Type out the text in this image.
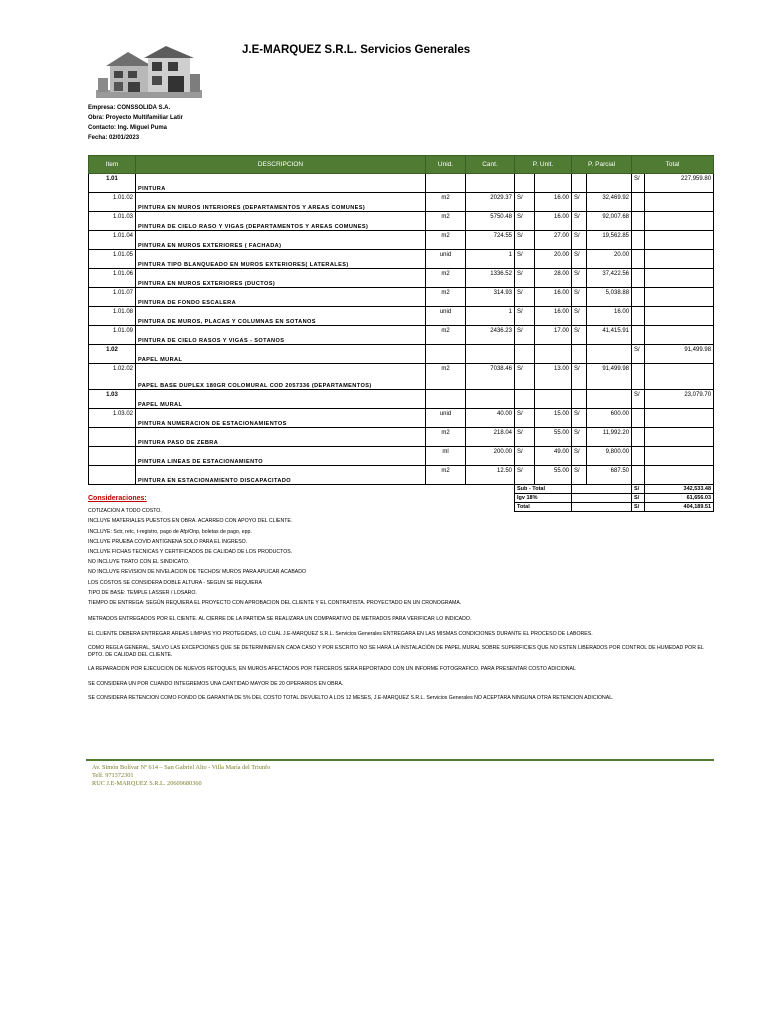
J.E-MARQUEZ S.R.L. Servicios Generales
Empresa: CONSSOLIDA S.A.
Obra: Proyecto Multifamiliar Latir
Contacto: Ing. Miguel Puma
Fecha: 02/01/2023
Item	DESCRIPCION	Unid.	Cant.	P. Unit.		P. Parcial		Total	
1.01	PINTURA							S/	227,959.80
1.01.02	PINTURA EN MUROS INTERIORES (DEPARTAMENTOS Y AREAS COMUNES)	m2	2029.37	S/	16.00	S/	32,469.92		
1.01.03	PINTURA DE CIELO RASO Y VIGAS (DEPARTAMENTOS Y AREAS COMUNES)	m2	5750.48	S/	16.00	S/	92,007.68		
1.01.04	PINTURA EN MUROS EXTERIORES ( FACHADA)	m2	724.55	S/	27.00	S/	19,562.85		
1.01.05	PINTURA TIPO BLANQUEADO EN MUROS EXTERIORES( LATERALES)	unid	1	S/	20.00	S/	20.00		
1.01.06	PINTURA EN MUROS EXTERIORES (DUCTOS)	m2	1336.52	S/	28.00	S/	37,422.56		
1.01.07	PINTURA DE FONDO ESCALERA	m2	314.93	S/	16.00	S/	5,038.88		
1.01.08	PINTURA DE MUROS, PLACAS Y COLUMNAS EN SOTANOS	unid	1	S/	16.00	S/	16.00		
1.01.09	PINTURA DE CIELO RASOS Y VIGAS - SOTANOS	m2	2436.23	S/	17.00	S/	41,415.91		
1.02	PAPEL MURAL							S/	91,499.98
1.02.02	PAPEL BASE DUPLEX 180GR COLOMURAL COD 2057336 (DEPARTAMENTOS)	m2	7038.46	S/	13.00	S/	91,499.98		
1.03	PAPEL MURAL							S/	23,079.70
1.03.02	PINTURA NUMERACION DE ESTACIONAMIENTOS	unid	40.00	S/	15.00	S/	600.00		
	PINTURA PASO DE ZEBRA	m2	218.04	S/	55.00	S/	11,992.20		
	PINTURA LINEAS DE ESTACIONAMIENTO	ml	200.00	S/	49.00	S/	9,800.00		
	PINTURA EN ESTACIONAMIENTO DISCAPACITADO	m2	12.50	S/	55.00	S/	687.50		
				Sub - Total				S/	342,533.48
				Igv 18%				S/	61,656.03
				Total				S/	404,189.51
Consideraciones:
COTIZACION A TODO COSTO.
INCLUYE MATERIALES PUESTOS EN OBRA. ACARREO CON APOYO DEL CLIENTE.
INCLUYE: Sctr, retc, t-registro, pago de Afp/Onp, boletas de pago, epp.
INCLUYE PRUEBA COVID ANTIGNENA SOLO PARA EL INGRESO.
INCLUYE FICHAS TECNICAS Y CERTIFICADOS DE CALIDAD DE LOS PRODUCTOS.
NO INCLUYE TRATO CON EL SINDICATO.
NO INCLUYE REVISION DE NIVELACION DE TECHOS/ MUROS PARA APLICAR ACABADO
LOS COSTOS SE CONSIDERA DOBLE ALTURA - SEGUN SE REQUIERA
TIPO DE BASE: TEMPLE LASSER / LOSARO.
TIEMPO DE ENTREGA: SEGÚN REQUIERA EL PROYECTO CON APROBACION DEL CLIENTE Y EL CONTRATISTA. PROYECTADO EN UN CRONOGRAMA.
METRADOS ENTREGADOS POR EL CIENTE. AL CIERRE DE LA PARTIDA SE REALIZARA UN COMPARATIVO DE METRADOS PARA VERIFICAR LO INDICADO.
EL CLIENTE DEBERA ENTREGAR AREAS LIMPIAS Y/O PROTEGIDAS, LO CUAL J.E-MARQUEZ S.R.L. Servicios Generales ENTREGARA EN LAS MISMAS CONDICIONES DURANTE EL PROCESO DE LABORES.
COMO REGLA GENERAL, SALVO LAS EXCEPCIONES QUE SE DETERMINEN EN CADA CASO Y POR ESCRITO NO SE HARÁ LA INSTALACIÓN DE PAPEL MURAL SOBRE SUPERFICIES QUE NO ESTEN LIBERADOS POR CONTROL DE HUMEDAD POR EL DPTO. DE CALIDAD DEL CLIENTE.
LA REPARACION POR EJECUCION DE NUEVOS RETOQUES, EN MUROS AFECTADOS POR TERCEROS SERA REPORTADO CON UN INFORME FOTOGRAFICO. PARA PRESENTAR COSTO ADICIONAL
SE CONSIDERA UN POR CUANDO INTEGREMOS UNA CANTIDAD MAYOR DE 20 OPERARIOS EN OBRA.
SE CONSIDERA RETENCION COMO FONDO DE GARANTIA DE 5% DEL COSTO TOTAL DEVUELTO A LOS 12 MESES, J.E-MARQUEZ S.R.L. Servicios Generales NO ACEPTARA NINGUNA OTRA RETENCION ADICIONAL.
Av. Simón Bolívar Nº 614 – San Gabriel Alto - Villa María del Triunfo
Telf. 971372301
RUC J.E-MARQUEZ S.R.L. 20609680360
